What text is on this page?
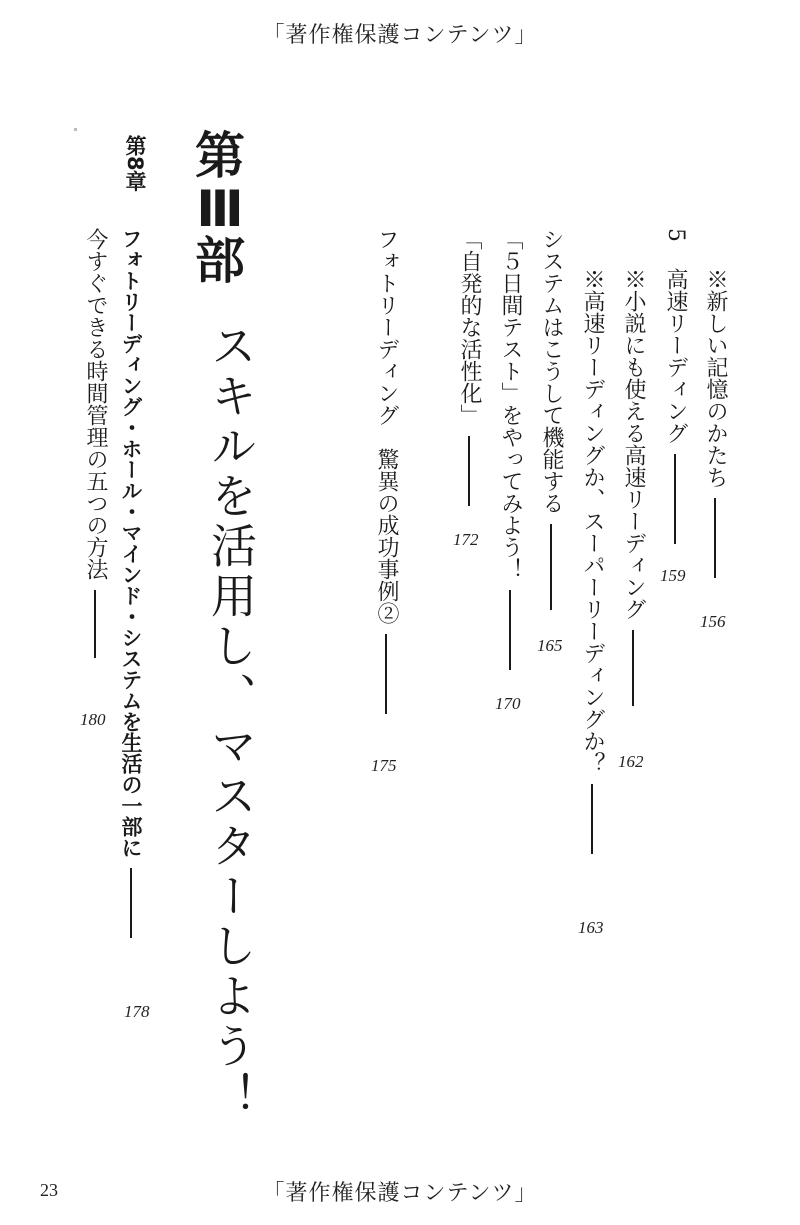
「著作権保護コンテンツ」
5
※新しい記憶のかたち
156
高速リーディング
159
※小説にも使える高速リーディング
162
※高速リーディングか、スーパーリーディングか？
163
システムはこうして機能する
165
「５日間テスト」をやってみよう！
170
「自発的な活性化」
172
フォトリーディング　驚異の成功事例②
175
第
Ⅲ
部
スキルを活用し、マスターしよう！
第8章
フォトリーディング・ホール・マインド・システムを生活の一部に
178
今すぐできる時間管理の五つの方法
180
23	「著作権保護コンテンツ」
